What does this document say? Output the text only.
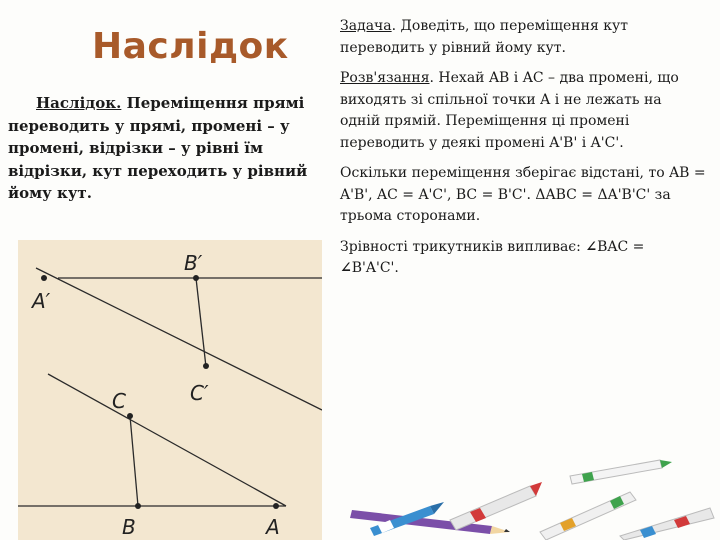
Наслідок
Наслідок. Переміщення прямі переводить у прямі, промені – у промені, відрізки – у рівні їм відрізки, кут переходить у рівний йому кут.
B′
A′
C′
C
B	A

Задача. Доведіть, що переміщення кут переводить у рівний йому кут.

Розв'язання. Нехай AB і AC – два промені, що виходять зі спільної точки A і не лежать на одній прямій. Переміщення ці промені переводить у деякі промені A'B' і A'C'.

Оскільки переміщення зберігає відстані, то AB = A'B', AC = A'C', BC = B'C'. ΔABC = ΔA'B'C' за трьома сторонами.

Зрівності трикутників випливає: ∠BAC = ∠B'A'C'.
